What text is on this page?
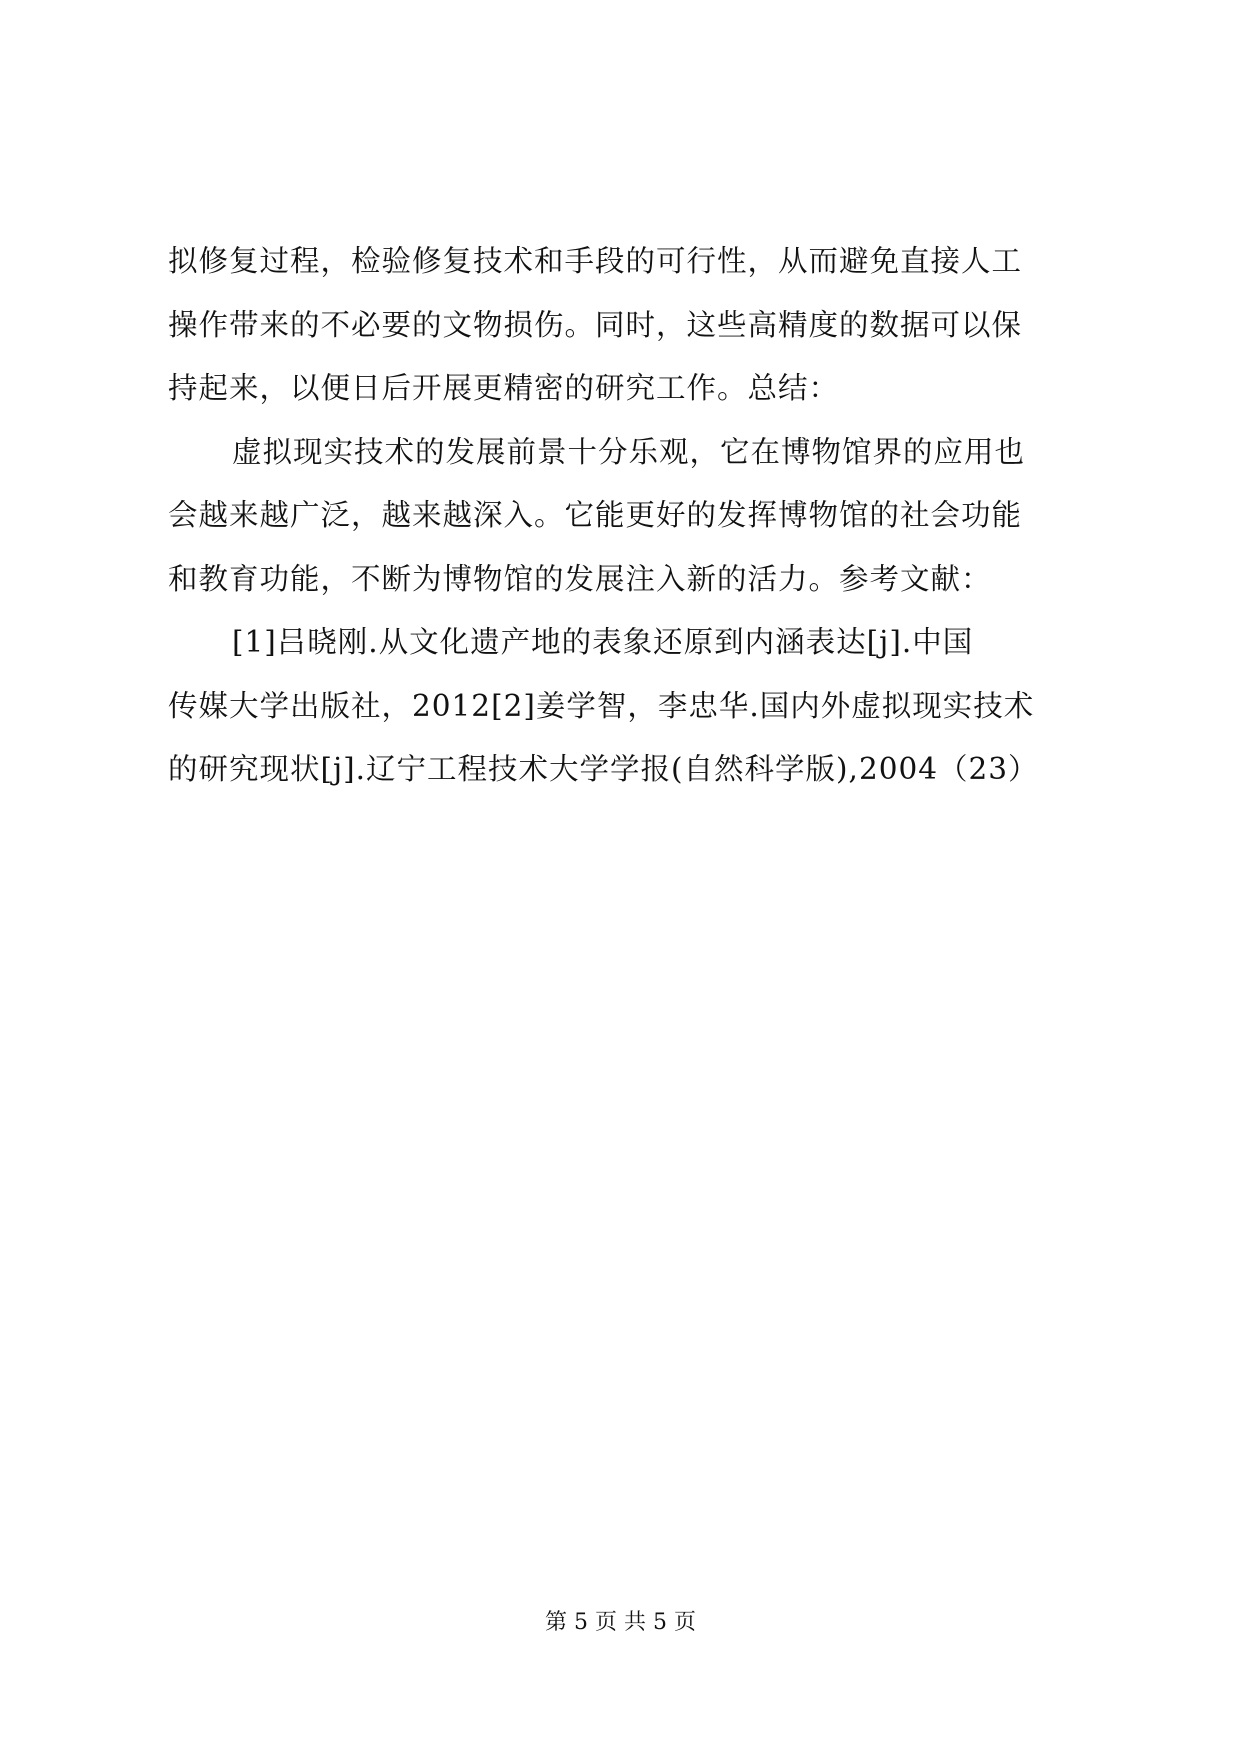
拟修复过程，检验修复技术和手段的可行性，从而避免直接人工
操作带来的不必要的文物损伤。同时，这些高精度的数据可以保
持起来，以便日后开展更精密的研究工作。总结：

虚拟现实技术的发展前景十分乐观，它在博物馆界的应用也
会越来越广泛，越来越深入。它能更好的发挥博物馆的社会功能
和教育功能，不断为博物馆的发展注入新的活力。参考文献：

[1]吕晓刚.从文化遗产地的表象还原到内涵表达[j].中国
传媒大学出版社，2012[2]姜学智，李忠华.国内外虚拟现实技术
的研究现状[j].辽宁工程技术大学学报(自然科学版),2004（23）

第 5 页 共 5 页
